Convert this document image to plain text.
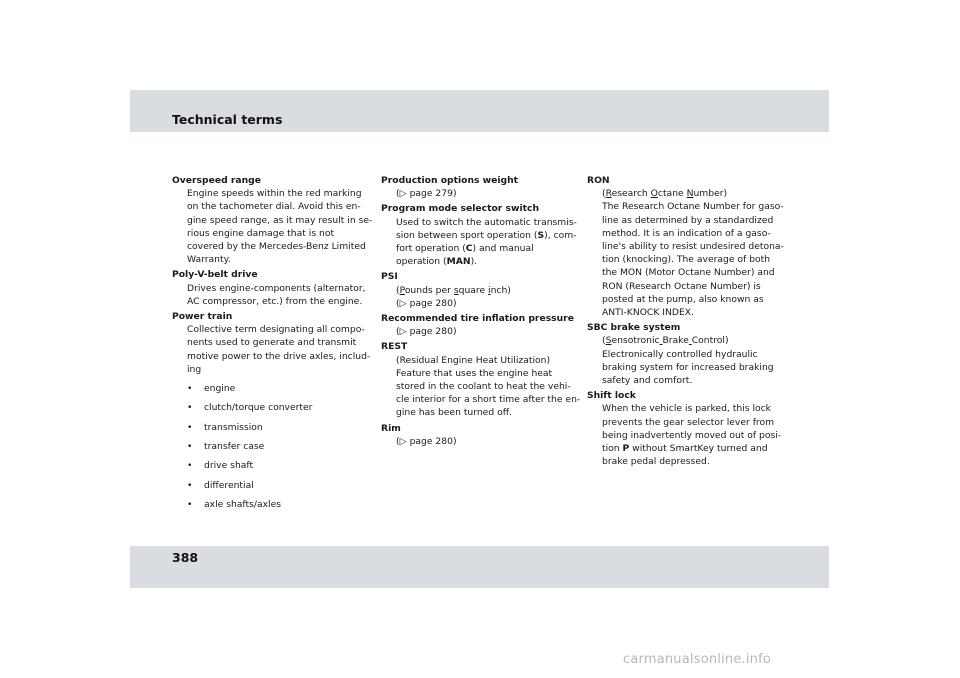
Technical terms
Overspeed range
Engine speeds within the red marking
on the tachometer dial. Avoid this en-
gine speed range, as it may result in se-
rious engine damage that is not
covered by the Mercedes-Benz Limited
Warranty.
Poly-V-belt drive
Drives engine-components (alternator,
AC compressor, etc.) from the engine.
Power train
Collective term designating all compo-
nents used to generate and transmit
motive power to the drive axles, includ-
ing
• engine
• clutch/torque converter
• transmission
• transfer case
• drive shaft
• differential
• axle shafts/axles
Production options weight
(▷ page 279)
Program mode selector switch
Used to switch the automatic transmis-
sion between sport operation (S), com-
fort operation (C) and manual
operation (MAN).
PSI
(Pounds per square inch)
(▷ page 280)
Recommended tire inflation pressure
(▷ page 280)
REST
(Residual Engine Heat Utilization)
Feature that uses the engine heat
stored in the coolant to heat the vehi-
cle interior for a short time after the en-
gine has been turned off.
Rim
(▷ page 280)
RON
(Research Octane Number)
The Research Octane Number for gaso-
line as determined by a standardized
method. It is an indication of a gaso-
line's ability to resist undesired detona-
tion (knocking). The average of both
the MON (Motor Octane Number) and
RON (Research Octane Number) is
posted at the pump, also known as
ANTI-KNOCK INDEX.
SBC brake system
(Sensotronic Brake Control)
Electronically controlled hydraulic
braking system for increased braking
safety and comfort.
Shift lock
When the vehicle is parked, this lock
prevents the gear selector lever from
being inadvertently moved out of posi-
tion P without SmartKey turned and
brake pedal depressed.
388
carmanualsonline.info
